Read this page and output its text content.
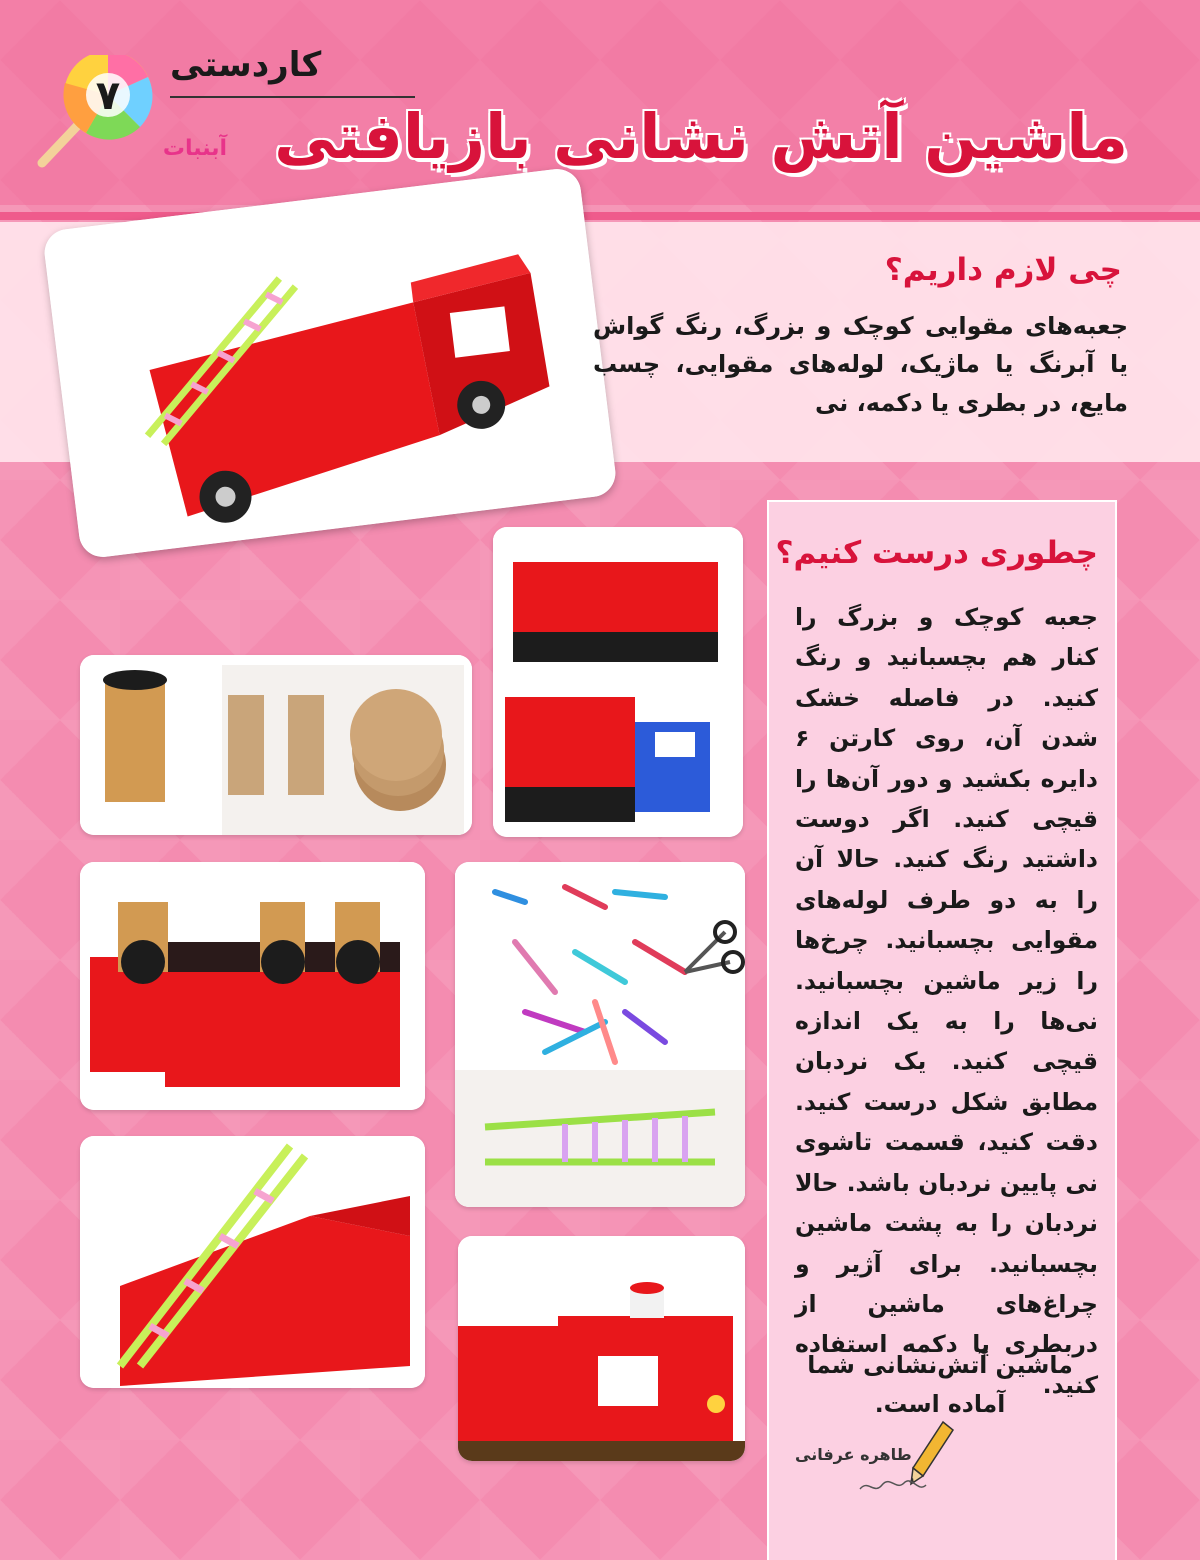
۷
آبنبات
کاردستی
ماشین آتش نشانی بازیافتی
چی لازم داریم؟
جعبه‌های مقوایی کوچک و بزرگ، رنگ گواش یا آبرنگ یا ماژیک، لوله‌های مقوایی، چسب مایع، در بطری یا دکمه، نی
چطوری درست کنیم؟
جعبه کوچک و بزرگ را کنار هم بچسبانید و رنگ کنید. در فاصله خشک شدن آن، روی کارتن ۶ دایره بکشید و دور آن‌ها را قیچی کنید. اگر دوست داشتید رنگ کنید. حالا آن را به دو طرف لوله‌های مقوایی بچسبانید. چرخ‌ها را زیر ماشین بچسبانید. نی‌ها را به یک اندازه قیچی کنید. یک نردبان مطابق شکل درست کنید. دقت کنید، قسمت تاشوی نی پایین نردبان باشد. حالا نردبان را به پشت ماشین بچسبانید. برای آژیر و چراغ‌های ماشین از دربطری یا دکمه استفاده کنید.
ماشین آتش‌نشانی شما آماده است.
طاهره عرفانی
